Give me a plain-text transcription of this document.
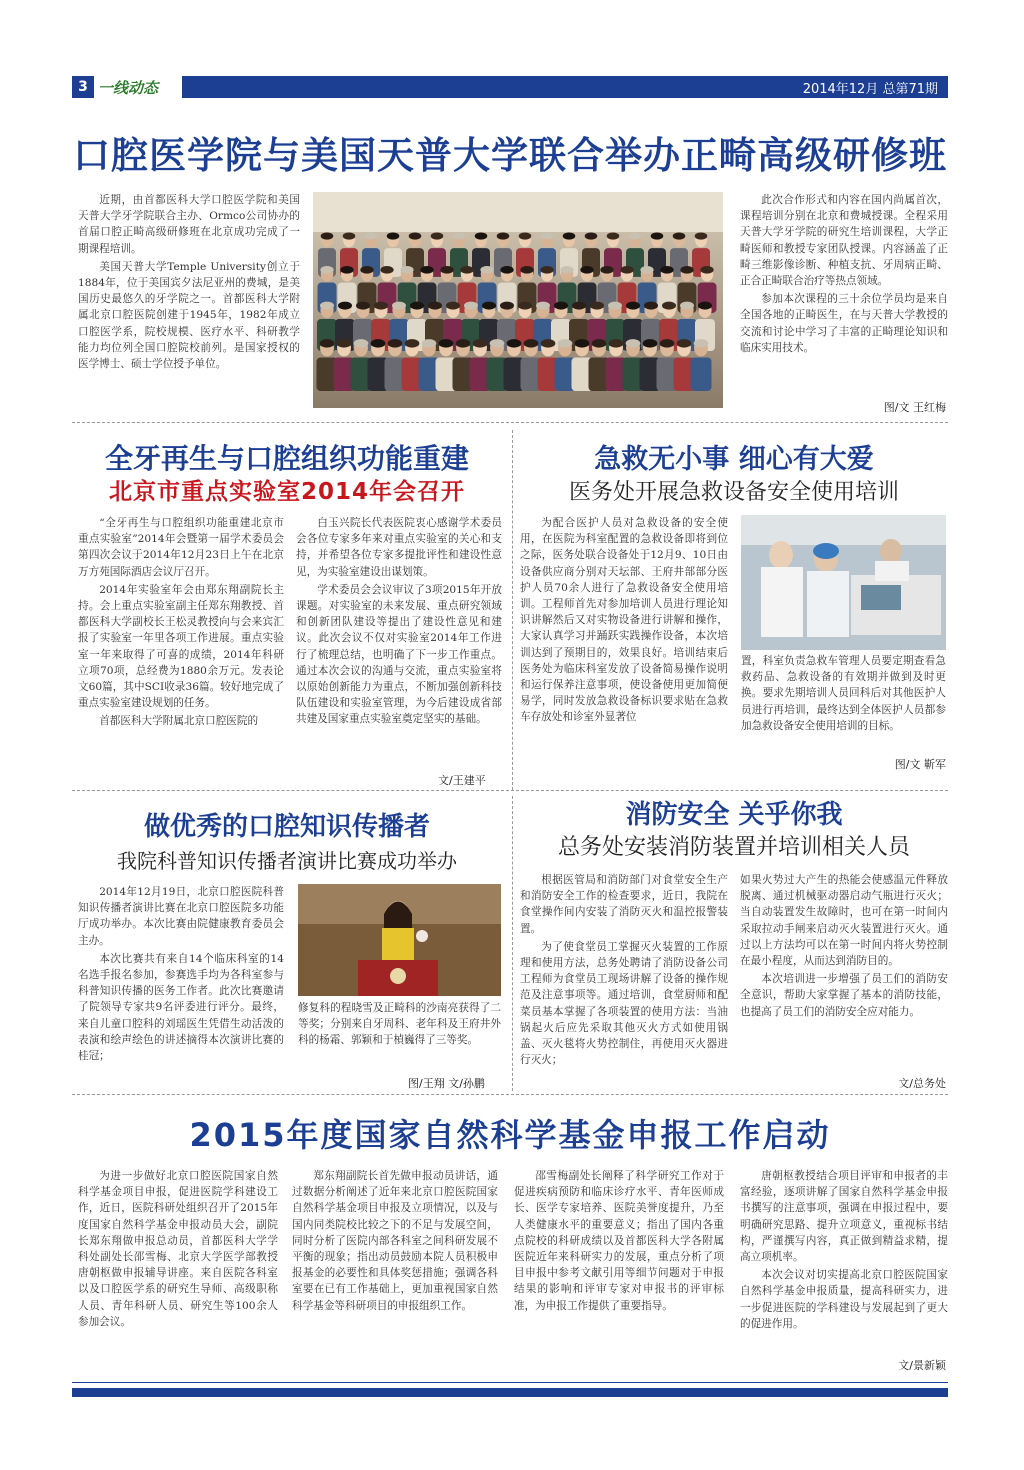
3 一线动态	2014年12月 总第71期
口腔医学院与美国天普大学联合举办正畸高级研修班

近期，由首都医科大学口腔医学院和美国天普大学牙学院联合主办、Ormco公司协办的首届口腔正畸高级研修班在北京成功完成了一期课程培训。

美国天普大学Temple University创立于1884年，位于美国宾夕法尼亚州的费城，是美国历史最悠久的牙学院之一。首都医科大学附属北京口腔医院创建于1945年，1982年成立口腔医学系，院校规模、医疗水平、科研教学能力均位列全国口腔院校前列。是国家授权的医学博士、硕士学位授予单位。

此次合作形式和内容在国内尚属首次，课程培训分别在北京和费城授课。全程采用天普大学牙学院的研究生培训课程，大学正畸医师和教授专家团队授课。内容涵盖了正畸三维影像诊断、种植支抗、牙周病正畸、正合正畸联合治疗等热点领域。

参加本次课程的三十余位学员均是来自全国各地的正畸医生，在与天普大学教授的交流和讨论中学习了丰富的正畸理论知识和临床实用技术。

图/文 王红梅
全牙再生与口腔组织功能重建
北京市重点实验室2014年会召开

“全牙再生与口腔组织功能重建北京市重点实验室”2014年会暨第一届学术委员会第四次会议于2014年12月23日上午在北京万方苑国际酒店会议厅召开。

2014年实验室年会由郑东翔副院长主持。会上重点实验室副主任郑东翔教授、首都医科大学副校长王松灵教授向与会来宾汇报了实验室一年里各项工作进展。重点实验室一年来取得了可喜的成绩，2014年科研立项70项，总经费为1880余万元。发表论文60篇，其中SCI收录36篇。较好地完成了重点实验室建设规划的任务。

首都医科大学附属北京口腔医院的

白玉兴院长代表医院衷心感谢学术委员会各位专家多年来对重点实验室的关心和支持，并希望各位专家多提批评性和建设性意见，为实验室建设出谋划策。

学术委员会会议审议了3项2015年开放课题。对实验室的未来发展、重点研究领域和创新团队建设等提出了建设性意见和建议。此次会议不仅对实验室2014年工作进行了梳理总结，也明确了下一步工作重点。通过本次会议的沟通与交流，重点实验室将以原始创新能力为重点，不断加强创新科技队伍建设和实验室管理，为今后建设成省部共建及国家重点实验室奠定坚实的基础。

文/王建平
急救无小事 细心有大爱
医务处开展急救设备安全使用培训

为配合医护人员对急救设备的安全使用，在医院为科室配置的急救设备即将到位之际，医务处联合设备处于12月9、10日由设备供应商分别对天坛部、王府井部部分医护人员70余人进行了急救设备安全使用培训。工程师首先对参加培训人员进行理论知识讲解然后又对实物设备进行讲解和操作，大家认真学习并踊跃实践操作设备，本次培训达到了预期目的，效果良好。培训结束后医务处为临床科室发放了设备简易操作说明和运行保养注意事项，使设备使用更加简便易学，同时发放急救设备标识要求贴在急救车存放处和诊室外显著位

置，科室负责急救车管理人员要定期查看急救药品、急救设备的有效期并做到及时更换。要求先期培训人员回科后对其他医护人员进行再培训，最终达到全体医护人员都参加急救设备安全使用培训的目标。

图/文 靳军
做优秀的口腔知识传播者
我院科普知识传播者演讲比赛成功举办

2014年12月19日，北京口腔医院科普知识传播者演讲比赛在北京口腔医院多功能厅成功举办。本次比赛由院健康教育委员会主办。

本次比赛共有来自14个临床科室的14名选手报名参加，参赛选手均为各科室参与科普知识传播的医务工作者。此次比赛邀请了院领导专家共9名评委进行评分。最终，来自儿童口腔科的刘瑶医生凭借生动活泼的表演和绘声绘色的讲述摘得本次演讲比赛的桂冠；

修复科的程晓雪及正畸科的沙南亮获得了二等奖；分别来自牙周科、老年科及王府井外科的杨霜、郭颖和于楨巍得了三等奖。

图/王翔 文/孙鹏
消防安全 关乎你我
总务处安装消防装置并培训相关人员

根据医管局和消防部门对食堂安全生产和消防安全工作的检查要求，近日，我院在食堂操作间内安装了消防灭火和温控报警装置。

为了使食堂员工掌握灭火装置的工作原理和使用方法，总务处聘请了消防设备公司工程师为食堂员工现场讲解了设备的操作规范及注意事项等。通过培训，食堂厨师和配菜员基本掌握了各项装置的使用方法：当油锅起火后应先采取其他灭火方式如使用锅盖、灭火毯将火势控制住，再使用灭火器进行灭火；

如果火势过大产生的热能会使感温元件释放脱离、通过机械驱动器启动气瓶进行灭火；当自动装置发生故障时，也可在第一时间内采取拉动手闸来启动灭火装置进行灭火。通过以上方法均可以在第一时间内将火势控制在最小程度，从而达到消防目的。

本次培训进一步增强了员工们的消防安全意识，帮助大家掌握了基本的消防技能，也提高了员工们的消防安全应对能力。

文/总务处
2015年度国家自然科学基金申报工作启动

为进一步做好北京口腔医院国家自然科学基金项目申报，促进医院学科建设工作，近日，医院科研处组织召开了2015年度国家自然科学基金申报动员大会，副院长郑东翔做申报总动员，首都医科大学学科处副处长邵雪梅、北京大学医学部教授唐朝枢做申报辅导讲座。来自医院各科室以及口腔医学系的研究生导师、高级职称人员、青年科研人员、研究生等100余人参加会议。

郑东翔副院长首先做申报动员讲话，通过数据分析阐述了近年来北京口腔医院国家自然科学基金项目申报及立项情况，以及与国内同类院校比较之下的不足与发展空间，同时分析了医院内部各科室之间科研发展不平衡的现象；指出动员鼓励本院人员积极申报基金的必要性和具体奖惩措施；强调各科室要在已有工作基础上，更加重视国家自然科学基金等科研项目的申报组织工作。

邵雪梅副处长阐释了科学研究工作对于促进疾病预防和临床诊疗水平、青年医师成长、医学专家培养、医院美誉度提升，乃至人类健康水平的重要意义；指出了国内各重点院校的科研成绩以及首都医科大学各附属医院近年来科研实力的发展，重点分析了项目申报中参考文献引用等细节问题对于申报结果的影响和评审专家对申报书的评审标准，为申报工作提供了重要指导。

唐朝枢教授结合项目评审和申报者的丰富经验，逐项讲解了国家自然科学基金申报书撰写的注意事项，强调在申报过程中，要明确研究思路、提升立项意义，重视标书结构，严谨撰写内容，真正做到精益求精，提高立项机率。

本次会议对切实提高北京口腔医院国家自然科学基金申报质量，提高科研实力，进一步促进医院的学科建设与发展起到了更大的促进作用。

文/景新颖
